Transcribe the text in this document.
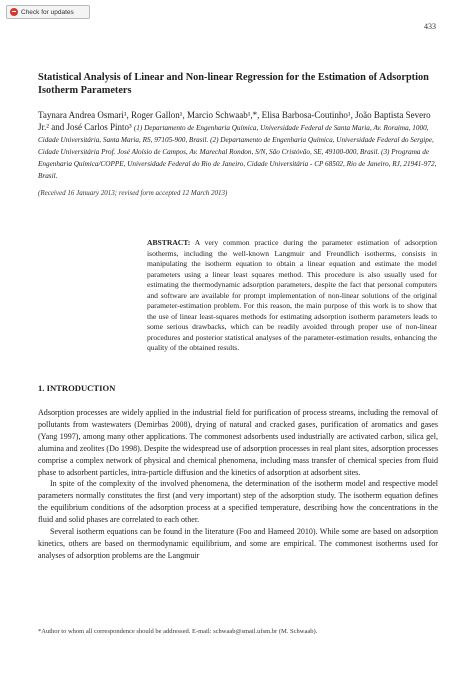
Check for updates
433
Statistical Analysis of Linear and Non-linear Regression for the Estimation of Adsorption Isotherm Parameters
Taynara Andrea Osmari¹, Roger Gallon¹, Marcio Schwaab¹,*, Elisa Barbosa-Coutinho¹, João Baptista Severo Jr.² and José Carlos Pinto³ (1) Departamento de Engenharia Química, Universidade Federal de Santa Maria, Av. Roraima, 1000, Cidade Universitária, Santa Maria, RS, 97105-900, Brasil. (2) Departamento de Engenharia Química, Universidade Federal do Sergipe, Cidade Universitária Prof. José Aloísio de Campos, Av. Marechal Rondon, S/N, São Cristóvão, SE, 49100-000, Brasil. (3) Programa de Engenharia Química/COPPE, Universidade Federal do Rio de Janeiro, Cidade Universitária - CP 68502, Rio de Janeiro, RJ, 21941-972, Brasil.
(Received 16 January 2013; revised form accepted 12 March 2013)

ABSTRACT: A very common practice during the parameter estimation of adsorption isotherms, including the well-known Langmuir and Freundlich isotherms, consists in manipulating the isotherm equation to obtain a linear equation and estimate the model parameters using a linear least squares method. This procedure is also usually used for estimating the thermodynamic adsorption parameters, despite the fact that personal computers and software are available for prompt implementation of non-linear solutions of the original parameter-estimation problem. For this reason, the main purpose of this work is to show that the use of linear least-squares methods for estimating adsorption isotherm parameters leads to some serious drawbacks, which can be readily avoided through proper use of non-linear procedures and posterior statistical analyses of the parameter-estimation results, enhancing the quality of the obtained results.

1. INTRODUCTION

Adsorption processes are widely applied in the industrial field for purification of process streams, including the removal of pollutants from wastewaters (Demirbas 2008), drying of natural and cracked gases, purification of aromatics and gases (Yang 1997), among many other applications. The commonest adsorbents used industrially are activated carbon, silica gel, alumina and zeolites (Do 1998). Despite the widespread use of adsorption processes in real plant sites, adsorption processes comprise a complex network of physical and chemical phenomena, including mass transfer of chemical species from fluid phase to adsorbent particles, intra-particle diffusion and the kinetics of adsorption at adsorbent sites.

In spite of the complexity of the involved phenomena, the determination of the isotherm model and respective model parameters normally constitutes the first (and very important) step of the adsorption study. The isotherm equation defines the equilibrium conditions of the adsorption process at a specified temperature, describing how the concentrations in the fluid and solid phases are correlated to each other.

Several isotherm equations can be found in the literature (Foo and Hameed 2010). While some are based on adsorption kinetics, others are based on thermodynamic equilibrium, and some are empirical. The commonest isotherms used for analyses of adsorption problems are the Langmuir

*Author to whom all correspondence should be addressed. E-mail: schwaab@smail.ufsm.br (M. Schwaab).
